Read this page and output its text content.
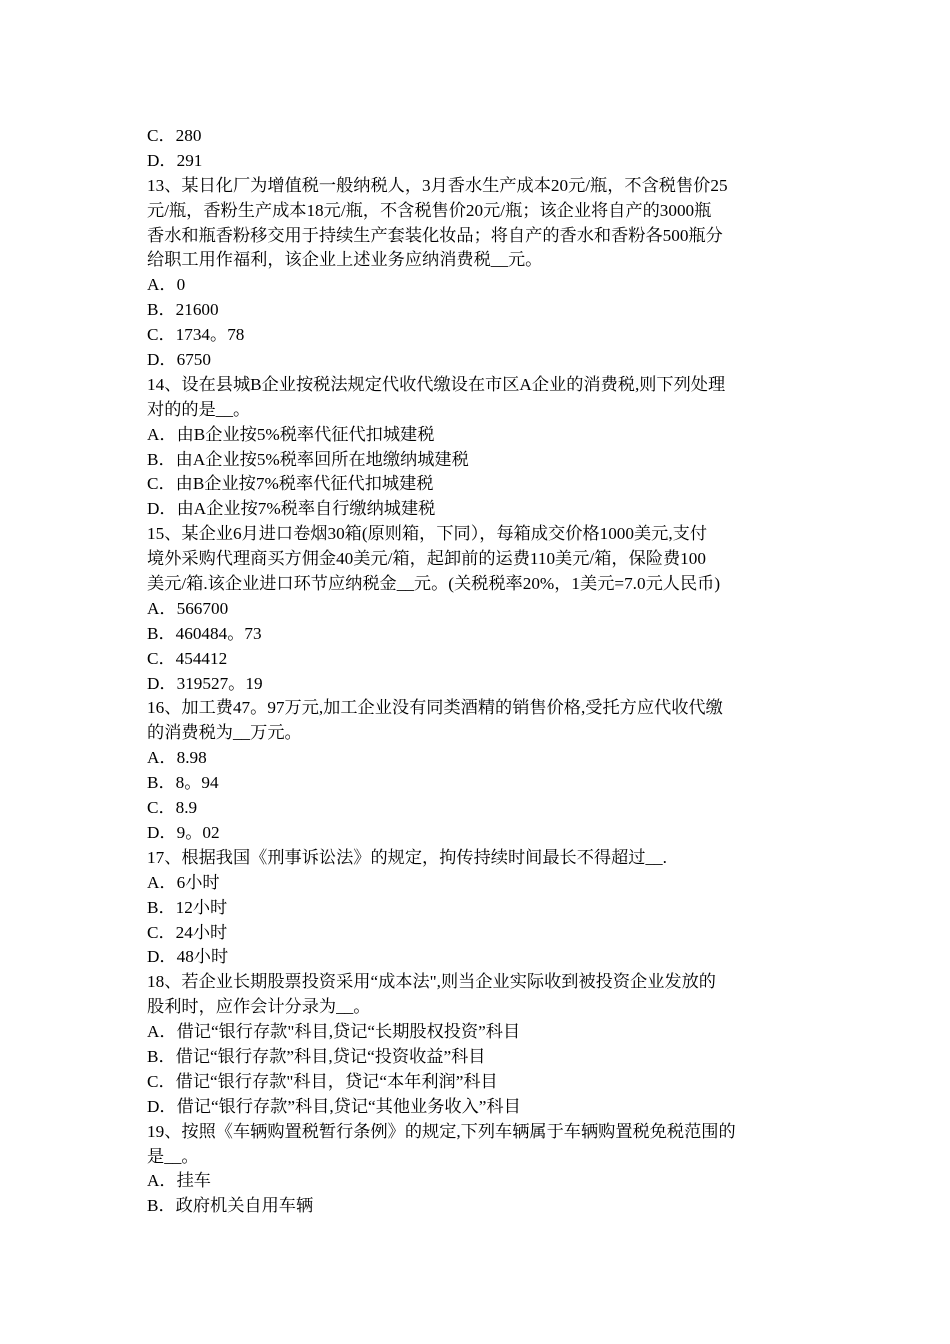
C．280
D．291
13、某日化厂为增值税一般纳税人，3月香水生产成本20元/瓶，不含税售价25
元/瓶，香粉生产成本18元/瓶，不含税售价20元/瓶；该企业将自产的3000瓶
香水和瓶香粉移交用于持续生产套装化妆品；将自产的香水和香粉各500瓶分
给职工用作福利，该企业上述业务应纳消费税__元。
A．0
B．21600
C．1734。78
D．6750
14、设在县城B企业按税法规定代收代缴设在市区A企业的消费税,则下列处理
对的的是__。
A．由B企业按5%税率代征代扣城建税
B．由A企业按5%税率回所在地缴纳城建税
C．由B企业按7%税率代征代扣城建税
D．由A企业按7%税率自行缴纳城建税
15、某企业6月进口卷烟30箱(原则箱，下同），每箱成交价格1000美元,支付
境外采购代理商买方佣金40美元/箱，起卸前的运费110美元/箱，保险费100
美元/箱.该企业进口环节应纳税金__元。(关税税率20%，1美元=7.0元人民币)
A．566700
B．460484。73
C．454412
D．319527。19
16、加工费47。97万元,加工企业没有同类酒精的销售价格,受托方应代收代缴
的消费税为__万元。
A．8.98
B．8。94
C．8.9
D．9。02
17、根据我国《刑事诉讼法》的规定，拘传持续时间最长不得超过__.
A．6小时
B．12小时
C．24小时
D．48小时
18、若企业长期股票投资采用“成本法",则当企业实际收到被投资企业发放的
股利时，应作会计分录为__。
A．借记“银行存款"科目,贷记“长期股权投资”科目
B．借记“银行存款”科目,贷记“投资收益”科目
C．借记“银行存款"科目，贷记“本年利润”科目
D．借记“银行存款”科目,贷记“其他业务收入”科目
19、按照《车辆购置税暂行条例》的规定,下列车辆属于车辆购置税免税范围的
是__。
A．挂车
B．政府机关自用车辆
